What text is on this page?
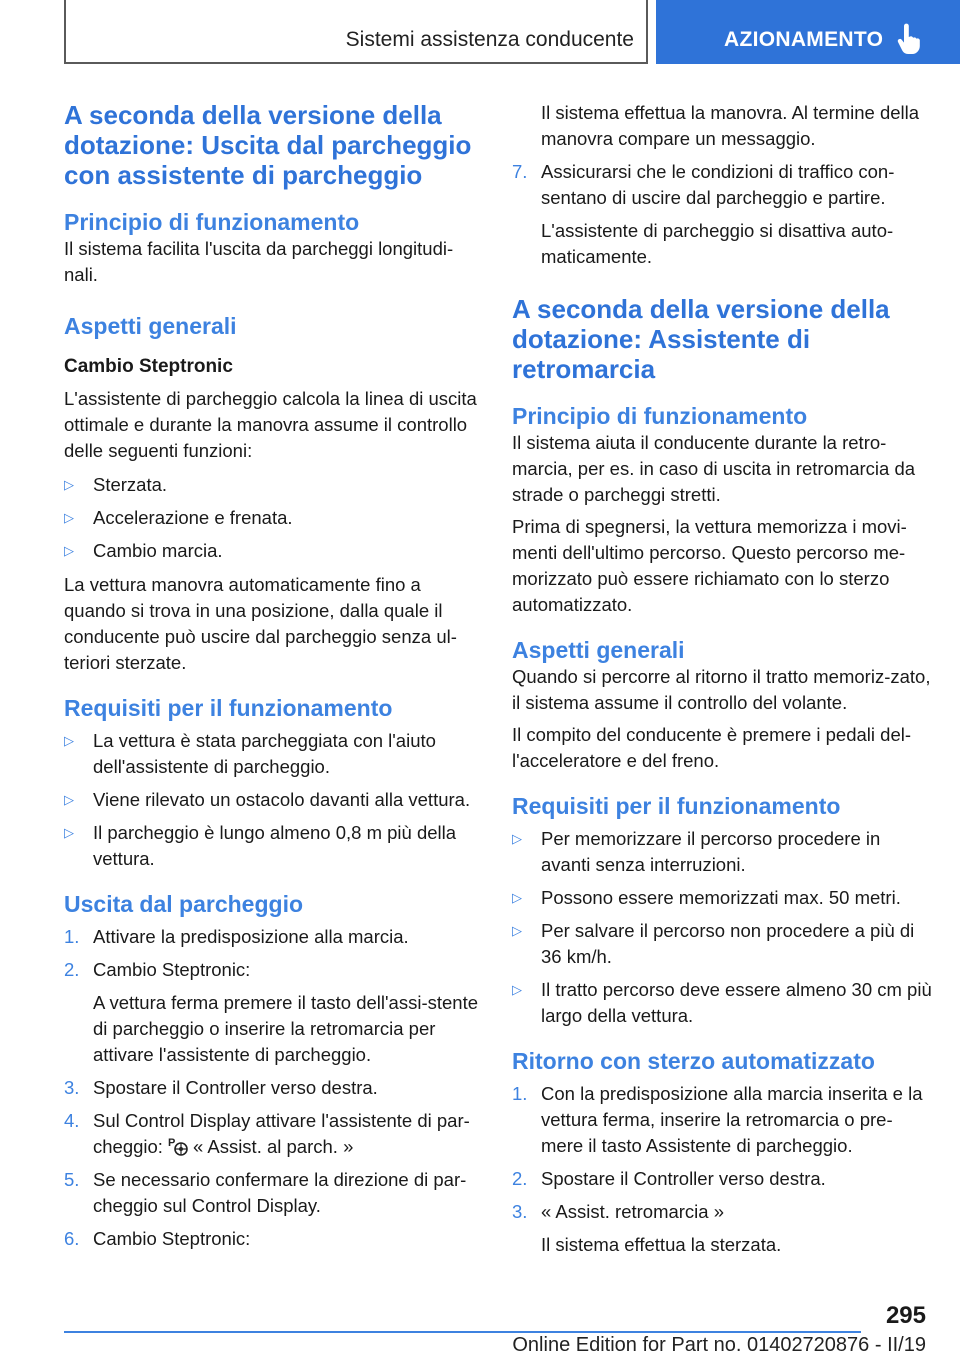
Sistemi assistenza conducente	AZIONAMENTO
A seconda della versione della dotazione: Uscita dal parcheggio con assistente di parcheggio
Principio di funzionamento

Il sistema facilita l'uscita da parcheggi longitudi-nali.

Aspetti generali
Cambio Steptronic

L'assistente di parcheggio calcola la linea di uscita ottimale e durante la manovra assume il controllo delle seguenti funzioni:

▷ Sterzata.
▷ Accelerazione e frenata.
▷ Cambio marcia.

La vettura manovra automaticamente fino a quando si trova in una posizione, dalla quale il conducente può uscire dal parcheggio senza ul-teriori sterzate.

Requisiti per il funzionamento
▷ La vettura è stata parcheggiata con l'aiuto dell'assistente di parcheggio.
▷ Viene rilevato un ostacolo davanti alla vettura.
▷ Il parcheggio è lungo almeno 0,8 m più della vettura.
Uscita dal parcheggio
1. Attivare la predisposizione alla marcia.
2. Cambio Steptronic:
A vettura ferma premere il tasto dell'assi-stente di parcheggio o inserire la retromarcia per attivare l'assistente di parcheggio.
3. Spostare il Controller verso destra.
4. Sul Control Display attivare l'assistente di par-cheggio: P « Assist. al parch. »
5. Se necessario confermare la direzione di par-cheggio sul Control Display.
6. Cambio Steptronic:
Il sistema effettua la manovra. Al termine della manovra compare un messaggio.
7. Assicurarsi che le condizioni di traffico con-sentano di uscire dal parcheggio e partire.
L'assistente di parcheggio si disattiva auto-maticamente.
A seconda della versione della dotazione: Assistente di retromarcia
Principio di funzionamento

Il sistema aiuta il conducente durante la retro-marcia, per es. in caso di uscita in retromarcia da strade o parcheggi stretti.

Prima di spegnersi, la vettura memorizza i movi-menti dell'ultimo percorso. Questo percorso me-morizzato può essere richiamato con lo sterzo automatizzato.

Aspetti generali

Quando si percorre al ritorno il tratto memoriz-zato, il sistema assume il controllo del volante.

Il compito del conducente è premere i pedali del-l'acceleratore e del freno.

Requisiti per il funzionamento
▷ Per memorizzare il percorso procedere in avanti senza interruzioni.
▷ Possono essere memorizzati max. 50 metri.
▷ Per salvare il percorso non procedere a più di 36 km/h.
▷ Il tratto percorso deve essere almeno 30 cm più largo della vettura.
Ritorno con sterzo automatizzato
1. Con la predisposizione alla marcia inserita e la vettura ferma, inserire la retromarcia o pre-mere il tasto Assistente di parcheggio.
2. Spostare il Controller verso destra.
3. « Assist. retromarcia »
Il sistema effettua la sterzata.
295
Online Edition for Part no. 01402720876 - II/19
